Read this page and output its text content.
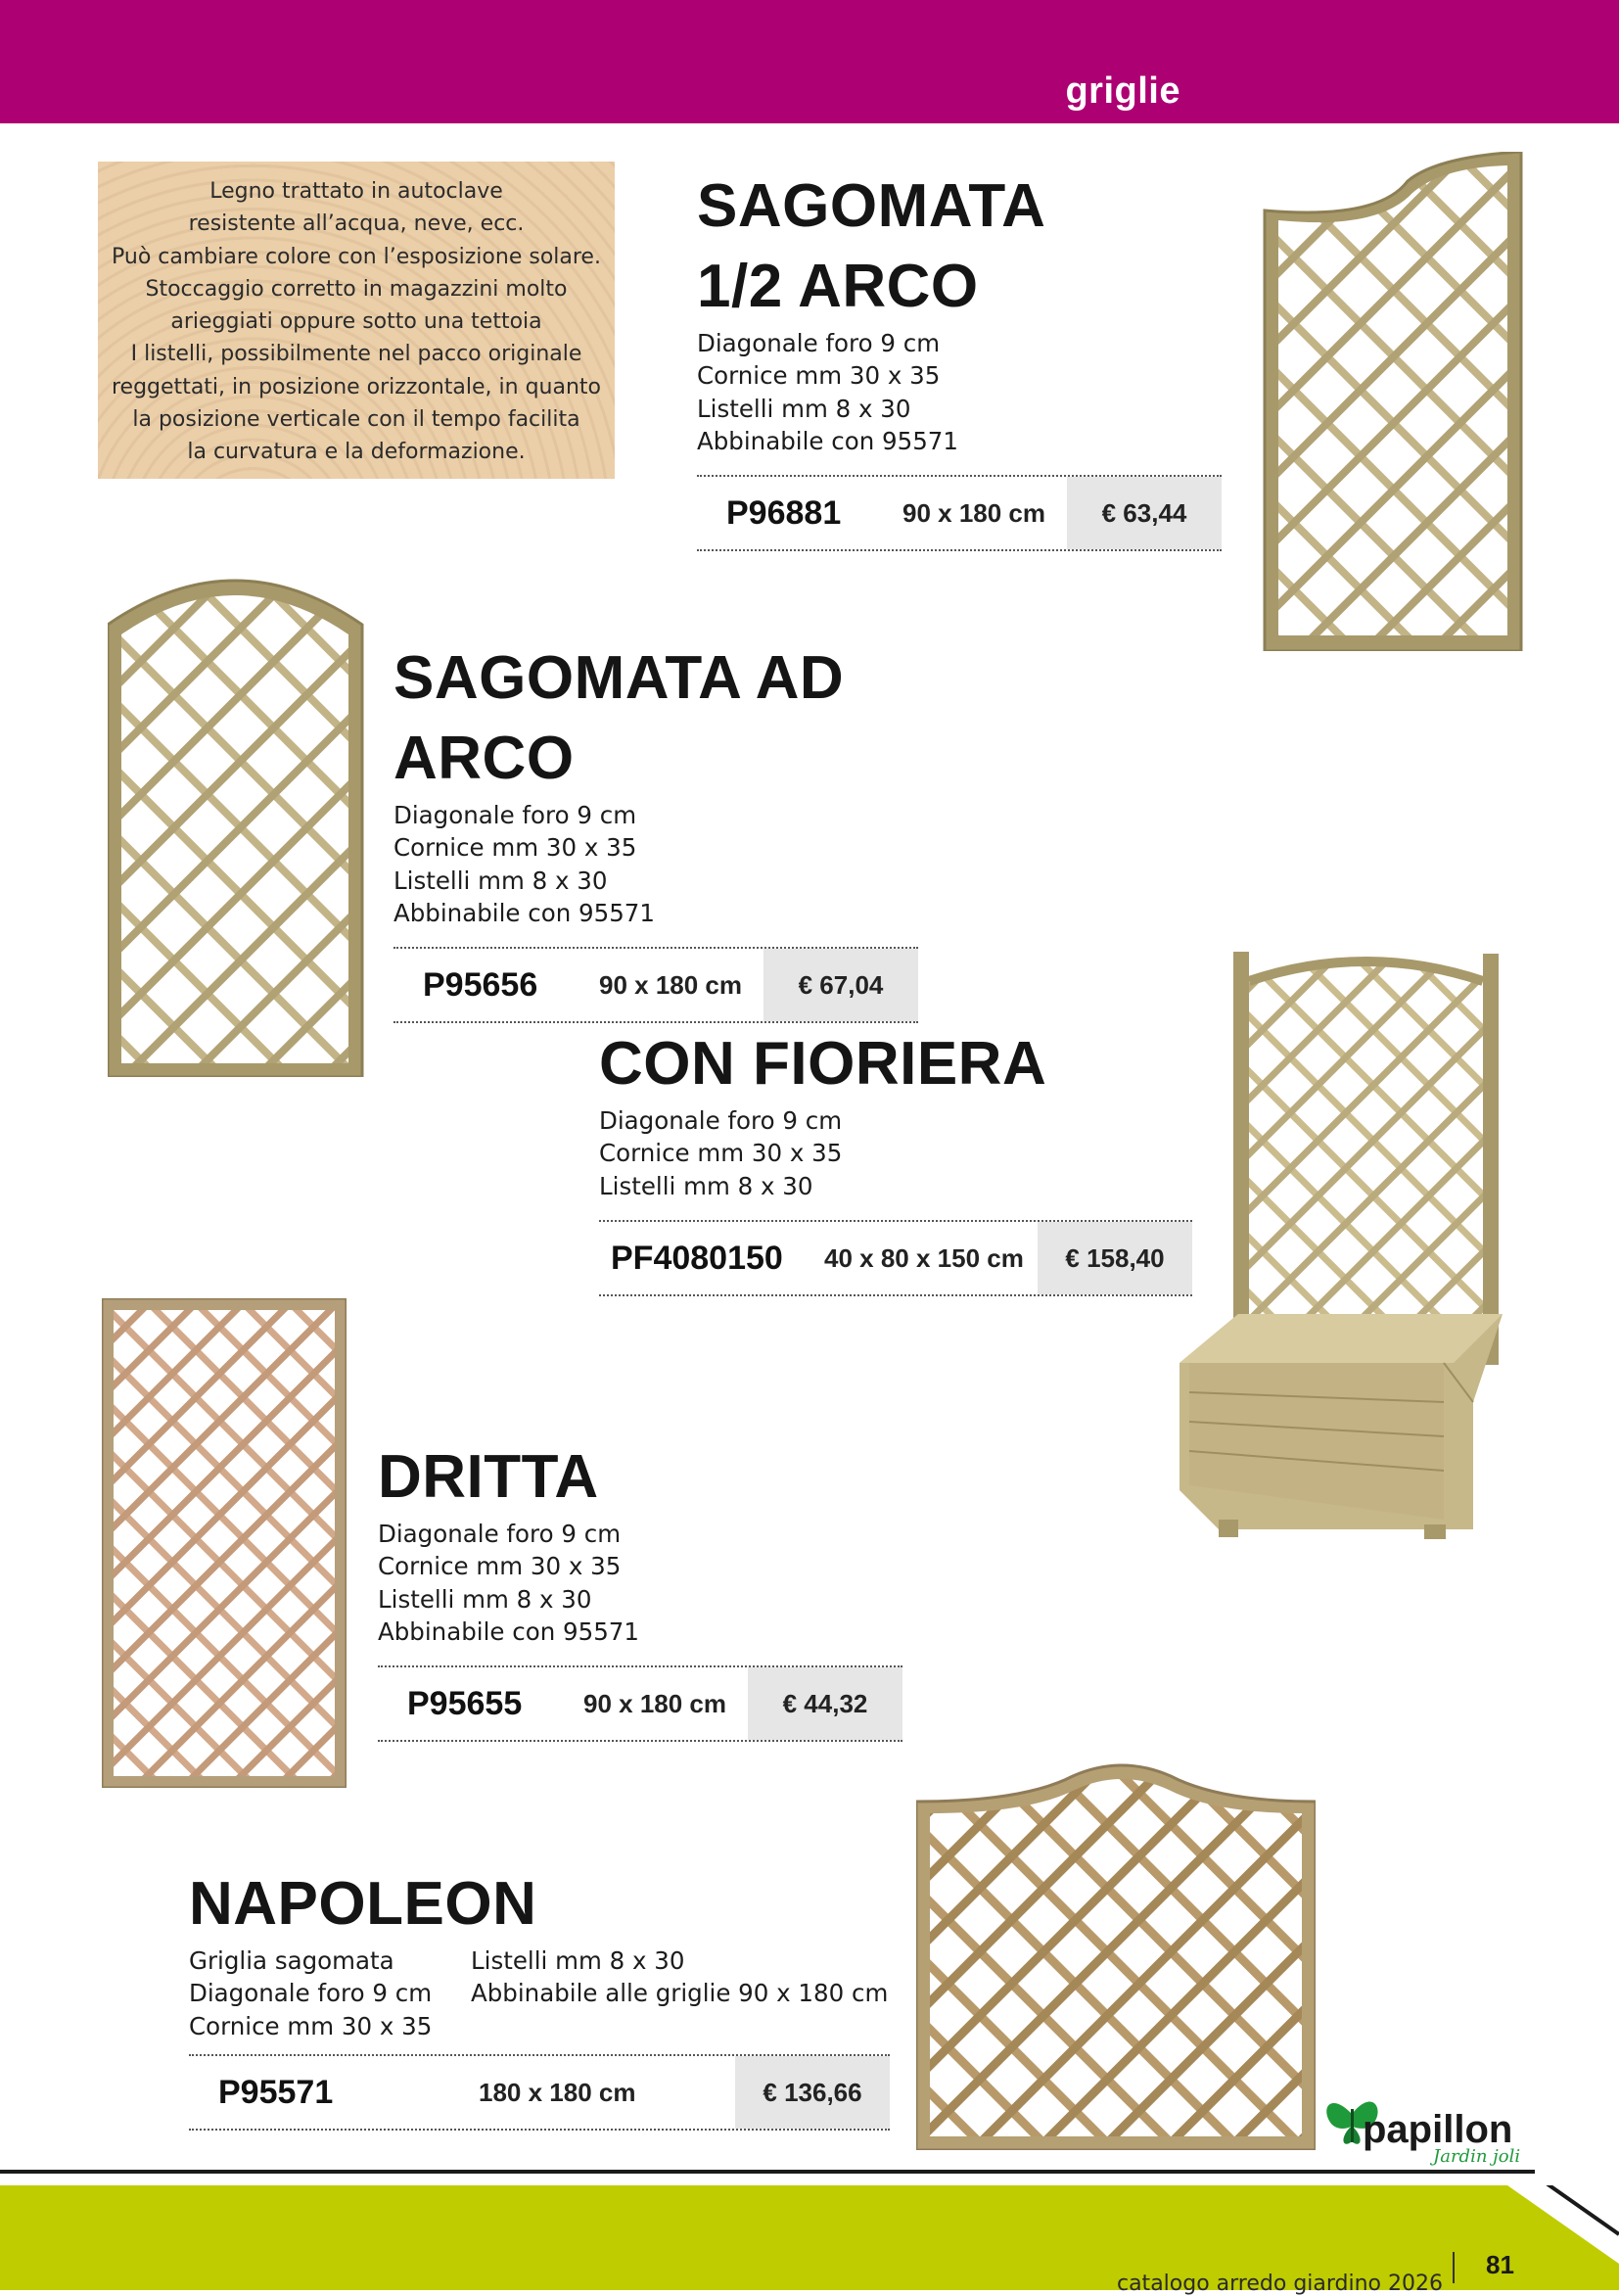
griglie

Legno trattato in autoclave

resistente all’acqua, neve, ecc.

Può cambiare colore con l’esposizione solare.

Stoccaggio corretto in magazzini molto

arieggiati oppure sotto una tettoia

I listelli, possibilmente nel pacco originale

reggettati, in posizione orizzontale, in quanto

la posizione verticale con il tempo facilita

la curvatura e la deformazione.

SAGOMATA
1/2 ARCO

Diagonale foro 9 cm

Cornice mm 30 x 35

Listelli mm 8 x 30

Abbinabile con 95571

P96881 90 x 180 cm	€ 63,44
SAGOMATA AD ARCO

Diagonale foro 9 cm

Cornice mm 30 x 35

Listelli mm 8 x 30

Abbinabile con 95571

P95656 90 x 180 cm	€ 67,04
CON FIORIERA

Diagonale foro 9 cm

Cornice mm 30 x 35

Listelli mm 8 x 30

PF4080150 40 x 80 x 150 cm	€ 158,40
DRITTA

Diagonale foro 9 cm

Cornice mm 30 x 35

Listelli mm 8 x 30

Abbinabile con 95571

P95655 90 x 180 cm	€ 44,32
NAPOLEON

Griglia sagomata

Diagonale foro 9 cm

Cornice mm 30 x 35

Listelli mm 8 x 30

Abbinabile alle griglie 90 x 180 cm

P95571	180 x 180 cm	€ 136,66
papillon
Jardin joli
catalogo arredo giardino 2026
81
